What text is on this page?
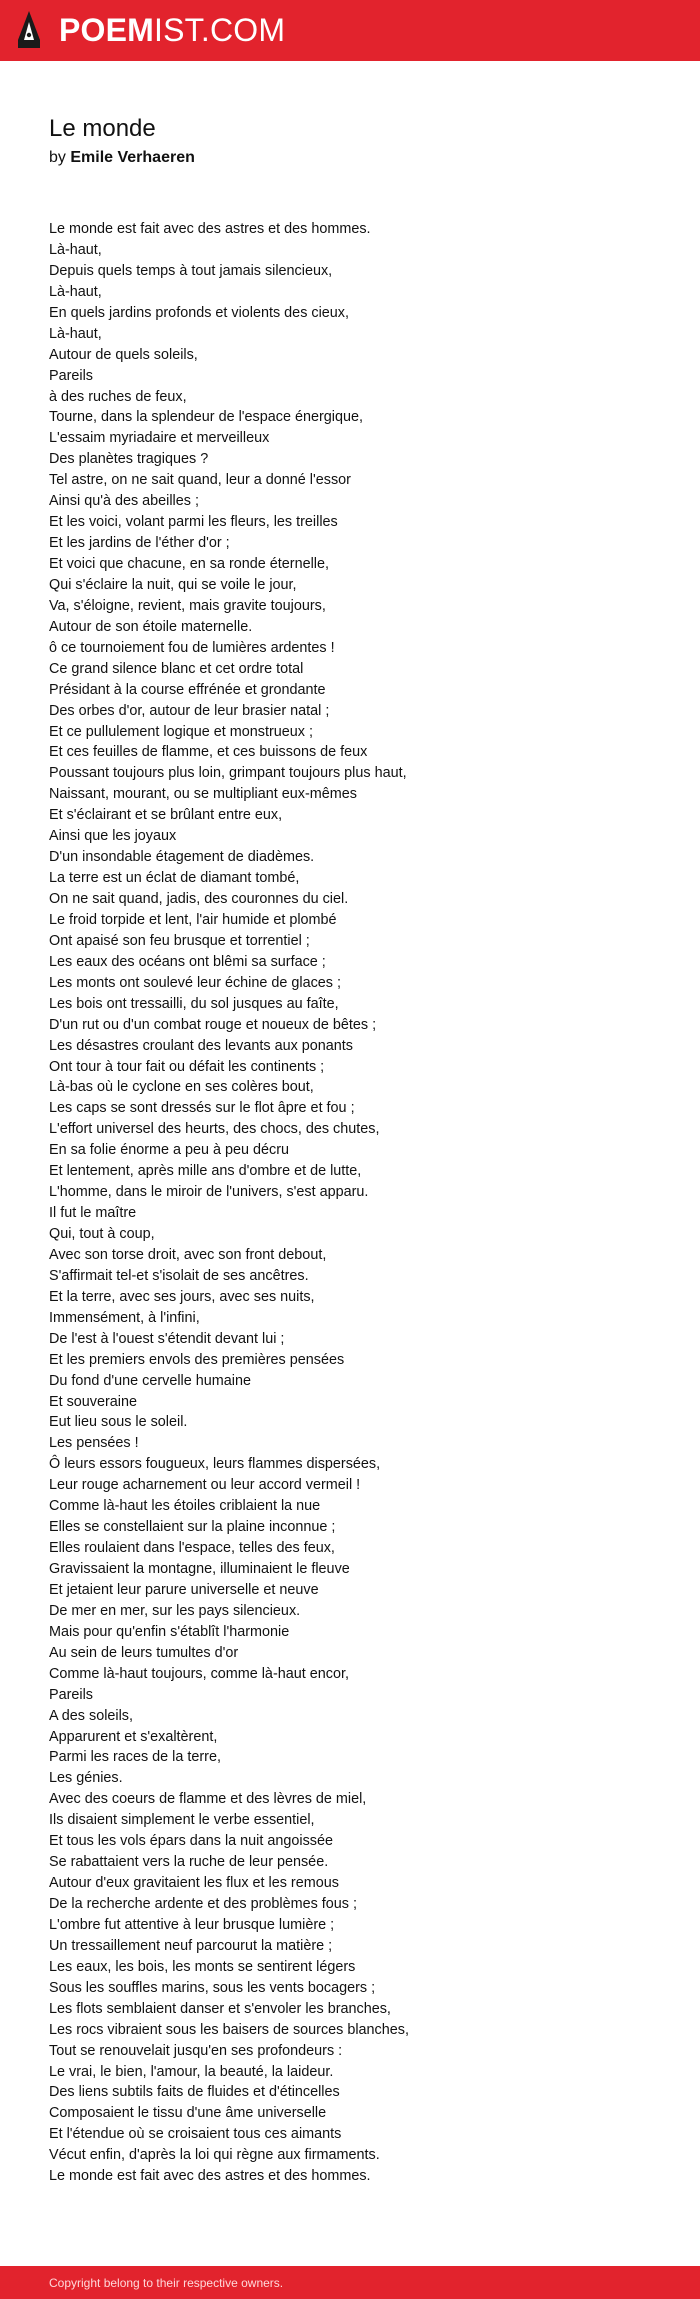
POEMIST.COM
Le monde
by Emile Verhaeren
Le monde est fait avec des astres et des hommes.
Là-haut,
Depuis quels temps à tout jamais silencieux,
Là-haut,
En quels jardins profonds et violents des cieux,
Là-haut,
Autour de quels soleils,
Pareils
à des ruches de feux,
Tourne, dans la splendeur de l'espace énergique,
L'essaim myriadaire et merveilleux
Des planètes tragiques ?
Tel astre, on ne sait quand, leur a donné l'essor
Ainsi qu'à des abeilles ;
Et les voici, volant parmi les fleurs, les treilles
Et les jardins de l'éther d'or ;
Et voici que chacune, en sa ronde éternelle,
Qui s'éclaire la nuit, qui se voile le jour,
Va, s'éloigne, revient, mais gravite toujours,
Autour de son étoile maternelle.
ô ce tournoiement fou de lumières ardentes !
Ce grand silence blanc et cet ordre total
Présidant à la course effrénée et grondante
Des orbes d'or, autour de leur brasier natal ;
Et ce pullulement logique et monstrueux ;
Et ces feuilles de flamme, et ces buissons de feux
Poussant toujours plus loin, grimpant toujours plus haut,
Naissant, mourant, ou se multipliant eux-mêmes
Et s'éclairant et se brûlant entre eux,
Ainsi que les joyaux
D'un insondable étagement de diadèmes.
La terre est un éclat de diamant tombé,
On ne sait quand, jadis, des couronnes du ciel.
Le froid torpide et lent, l'air humide et plombé
Ont apaisé son feu brusque et torrentiel ;
Les eaux des océans ont blêmi sa surface ;
Les monts ont soulevé leur échine de glaces ;
Les bois ont tressailli, du sol jusques au faîte,
D'un rut ou d'un combat rouge et noueux de bêtes ;
Les désastres croulant des levants aux ponants
Ont tour à tour fait ou défait les continents ;
Là-bas où le cyclone en ses colères bout,
Les caps se sont dressés sur le flot âpre et fou ;
L'effort universel des heurts, des chocs, des chutes,
En sa folie énorme a peu à peu décru
Et lentement, après mille ans d'ombre et de lutte,
L'homme, dans le miroir de l'univers, s'est apparu.
Il fut le maître
Qui, tout à coup,
Avec son torse droit, avec son front debout,
S'affirmait tel-et s'isolait de ses ancêtres.
Et la terre, avec ses jours, avec ses nuits,
Immensément, à l'infini,
De l'est à l'ouest s'étendit devant lui ;
Et les premiers envols des premières pensées
Du fond d'une cervelle humaine
Et souveraine
Eut lieu sous le soleil.
Les pensées !
Ô leurs essors fougueux, leurs flammes dispersées,
Leur rouge acharnement ou leur accord vermeil !
Comme là-haut les étoiles criblaient la nue
Elles se constellaient sur la plaine inconnue ;
Elles roulaient dans l'espace, telles des feux,
Gravissaient la montagne, illuminaient le fleuve
Et jetaient leur parure universelle et neuve
De mer en mer, sur les pays silencieux.
Mais pour qu'enfin s'établît l'harmonie
Au sein de leurs tumultes d'or
Comme là-haut toujours, comme là-haut encor,
Pareils
A des soleils,
Apparurent et s'exaltèrent,
Parmi les races de la terre,
Les génies.
Avec des coeurs de flamme et des lèvres de miel,
Ils disaient simplement le verbe essentiel,
Et tous les vols épars dans la nuit angoissée
Se rabattaient vers la ruche de leur pensée.
Autour d'eux gravitaient les flux et les remous
De la recherche ardente et des problèmes fous ;
L'ombre fut attentive à leur brusque lumière ;
Un tressaillement neuf parcourut la matière ;
Les eaux, les bois, les monts se sentirent légers
Sous les souffles marins, sous les vents bocagers ;
Les flots semblaient danser et s'envoler les branches,
Les rocs vibraient sous les baisers de sources blanches,
Tout se renouvelait jusqu'en ses profondeurs :
Le vrai, le bien, l'amour, la beauté, la laideur.
Des liens subtils faits de fluides et d'étincelles
Composaient le tissu d'une âme universelle
Et l'étendue où se croisaient tous ces aimants
Vécut enfin, d'après la loi qui règne aux firmaments.
Le monde est fait avec des astres et des hommes.
Copyright belong to their respective owners.
